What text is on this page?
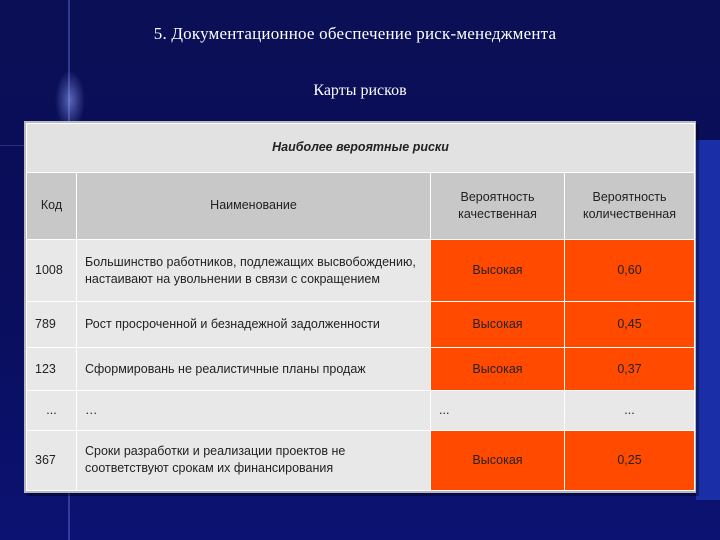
5. Документационное обеспечение риск-менеджмента
Карты рисков
Наиболее вероятные риски			
Код	Наименование	Вероятность качественная	Вероятность количественная
1008	Большинство работников, подлежащих высвобождению, настаивают на увольнении в связи с сокращением	Высокая	0,60
789	Рост просроченной и безнадежной задолженности	Высокая	0,45
123	Сформировань не реалистичные планы продаж	Высокая	0,37
...	…	...	...
367	Сроки разработки и реализации проектов не соответствуют срокам их финансирования	Высокая	0,25
